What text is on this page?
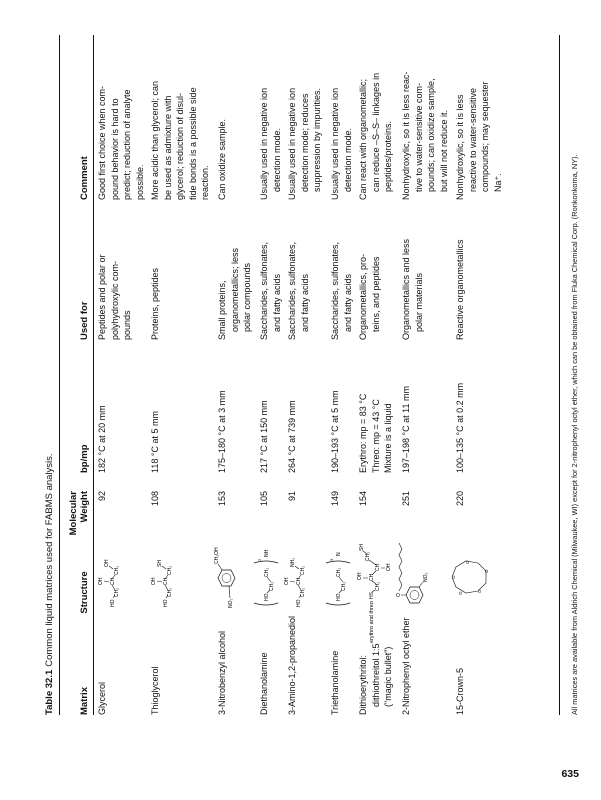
Table 32.1Common liquid matrices used for FABMS analysis.
Matrix
Structure
Molecular Weight
bp/mp
Used for
Comment
Glycerol
92
182 °C at 20 mm
Peptides and polar or polyhydroxylic com- pounds
Good first choice when com- pound behavior is hard to predict; reduction of analyte possible.
OH
HO
CH₂
CH
CH₂
OH
Thioglycerol
108
118 °C at 5 mm
Proteins, peptides
More acidic than glycerol; can be used as admixture with glycerol; reduction of disul- fide bonds is a possible side reaction.
OH
HO
CH₂
CH
CH₂
SH
3-Nitrobenzyl alcohol
153
175–180 °C at 3 mm
Small proteins, organometallics; less polar compounds
Can oxidize sample.
NO₂
CH₂OH
Diethanolamine
105
217 °C at 150 mm
Saccharides, sulfonates, and fatty acids
Usually used in negative ion detection mode.
HO
CH₂
CH₂
2
NH
3-Amino-1,2-propanediol
91
264 °C at 739 mm
Saccharides, sulfonates, and fatty acids
Usually used in negative ion detection mode; reduces suppression by impurities.
OH
HO
CH₂
CH
CH₂
NH₂
Triethanolamine
149
190–193 °C at 5 mm
Saccharides, sulfonates, and fatty acids
Usually used in negative ion detection mode.
HO
CH₂
CH₂
3
N
Dithioerythritol: dithiothreitol 1:5 ("magic bullet")
154
Erythro: mp = 83 °C Threo: mp = 43 °C Mixture is a liquid
Organometallics, pro- teins, and peptides
Can react with organometallic; can reduce –S–S– linkages in peptides/proteins.
erythro and threo
HS
CH₂
CH
OH
CH OH
CH₂
SH
2-Nitrophenyl octyl ether
251
197–198 °C at 11 mm
Organometallics and less polar materials
Nonhydroxylic, so it is less reac- tive to water-sensitive com- pounds; can oxidize sample, but will not reduce it.
O
NO₂
15-Crown-5
220
100–135 °C at 0.2 mm
Reactive organometallics
Nonhydroxylic, so it is less reactive to water-sensitive compounds; may sequester Na⁺.
O
O
O
O
O	All matrices are available from Aldrich Chemical (Milwaukee, WI) except for 2-nitrophenyl octyl ether, which can be obtained from Fluka Chemical Corp. (Ronkonkoma, NY).
635
